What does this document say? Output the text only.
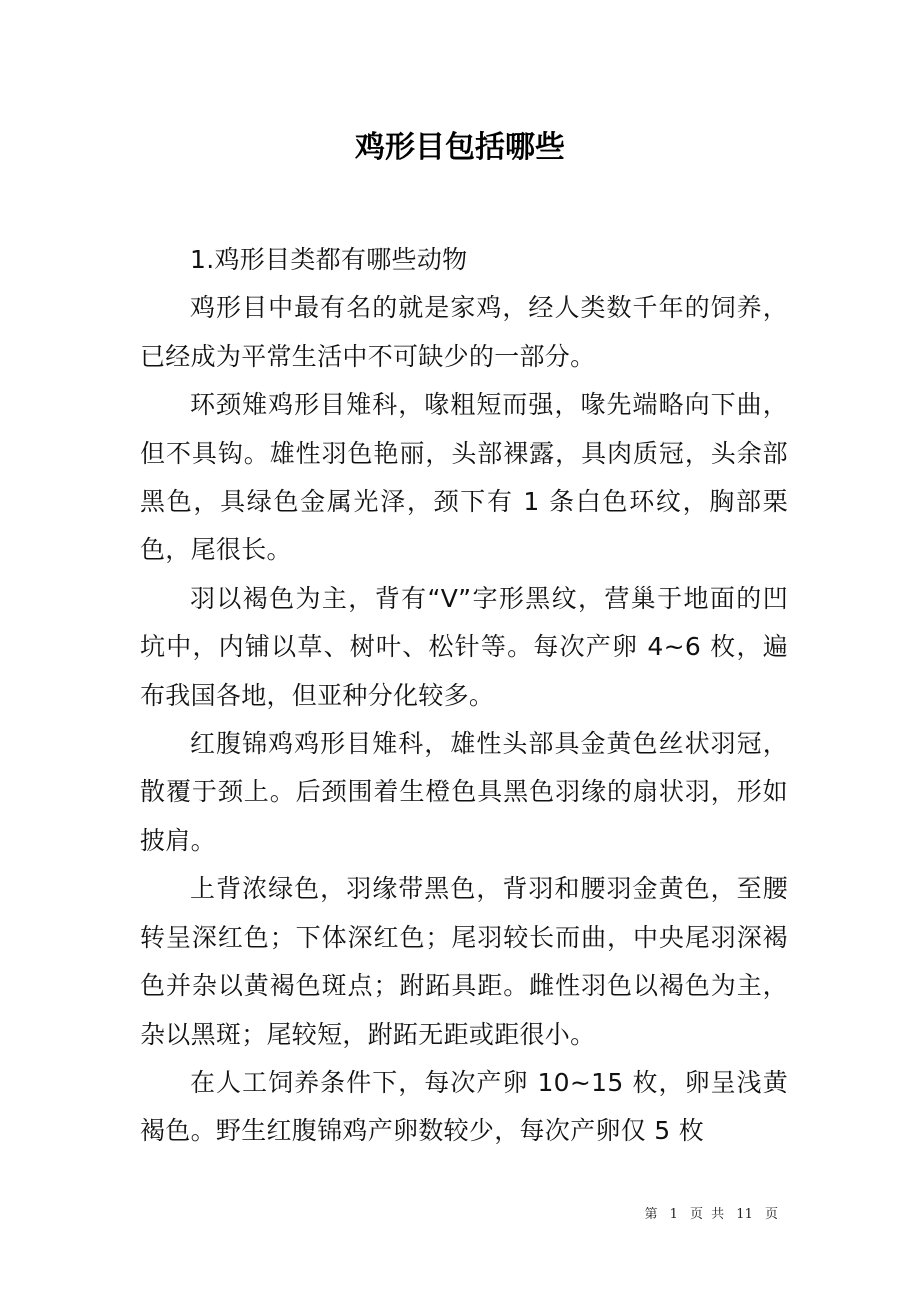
鸡形目包括哪些

1.鸡形目类都有哪些动物

鸡形目中最有名的就是家鸡，经人类数千年的饲养，已经成为平常生活中不可缺少的一部分。

环颈雉鸡形目雉科，喙粗短而强，喙先端略向下曲，但不具钩。雄性羽色艳丽，头部裸露，具肉质冠，头余部黑色，具绿色金属光泽，颈下有 1 条白色环纹，胸部栗色，尾很长。

羽以褐色为主，背有“V”字形黑纹，营巢于地面的凹坑中，内铺以草、树叶、松针等。每次产卵 4~6 枚，遍布我国各地，但亚种分化较多。

红腹锦鸡鸡形目雉科，雄性头部具金黄色丝状羽冠，散覆于颈上。后颈围着生橙色具黑色羽缘的扇状羽，形如披肩。

上背浓绿色，羽缘带黑色，背羽和腰羽金黄色，至腰转呈深红色；下体深红色；尾羽较长而曲，中央尾羽深褐色并杂以黄褐色斑点；跗跖具距。雌性羽色以褐色为主，杂以黑斑；尾较短，跗跖无距或距很小。

在人工饲养条件下，每次产卵 10~15 枚，卵呈浅黄褐色。野生红腹锦鸡产卵数较少，每次产卵仅 5 枚

第 1 页 共 11 页
